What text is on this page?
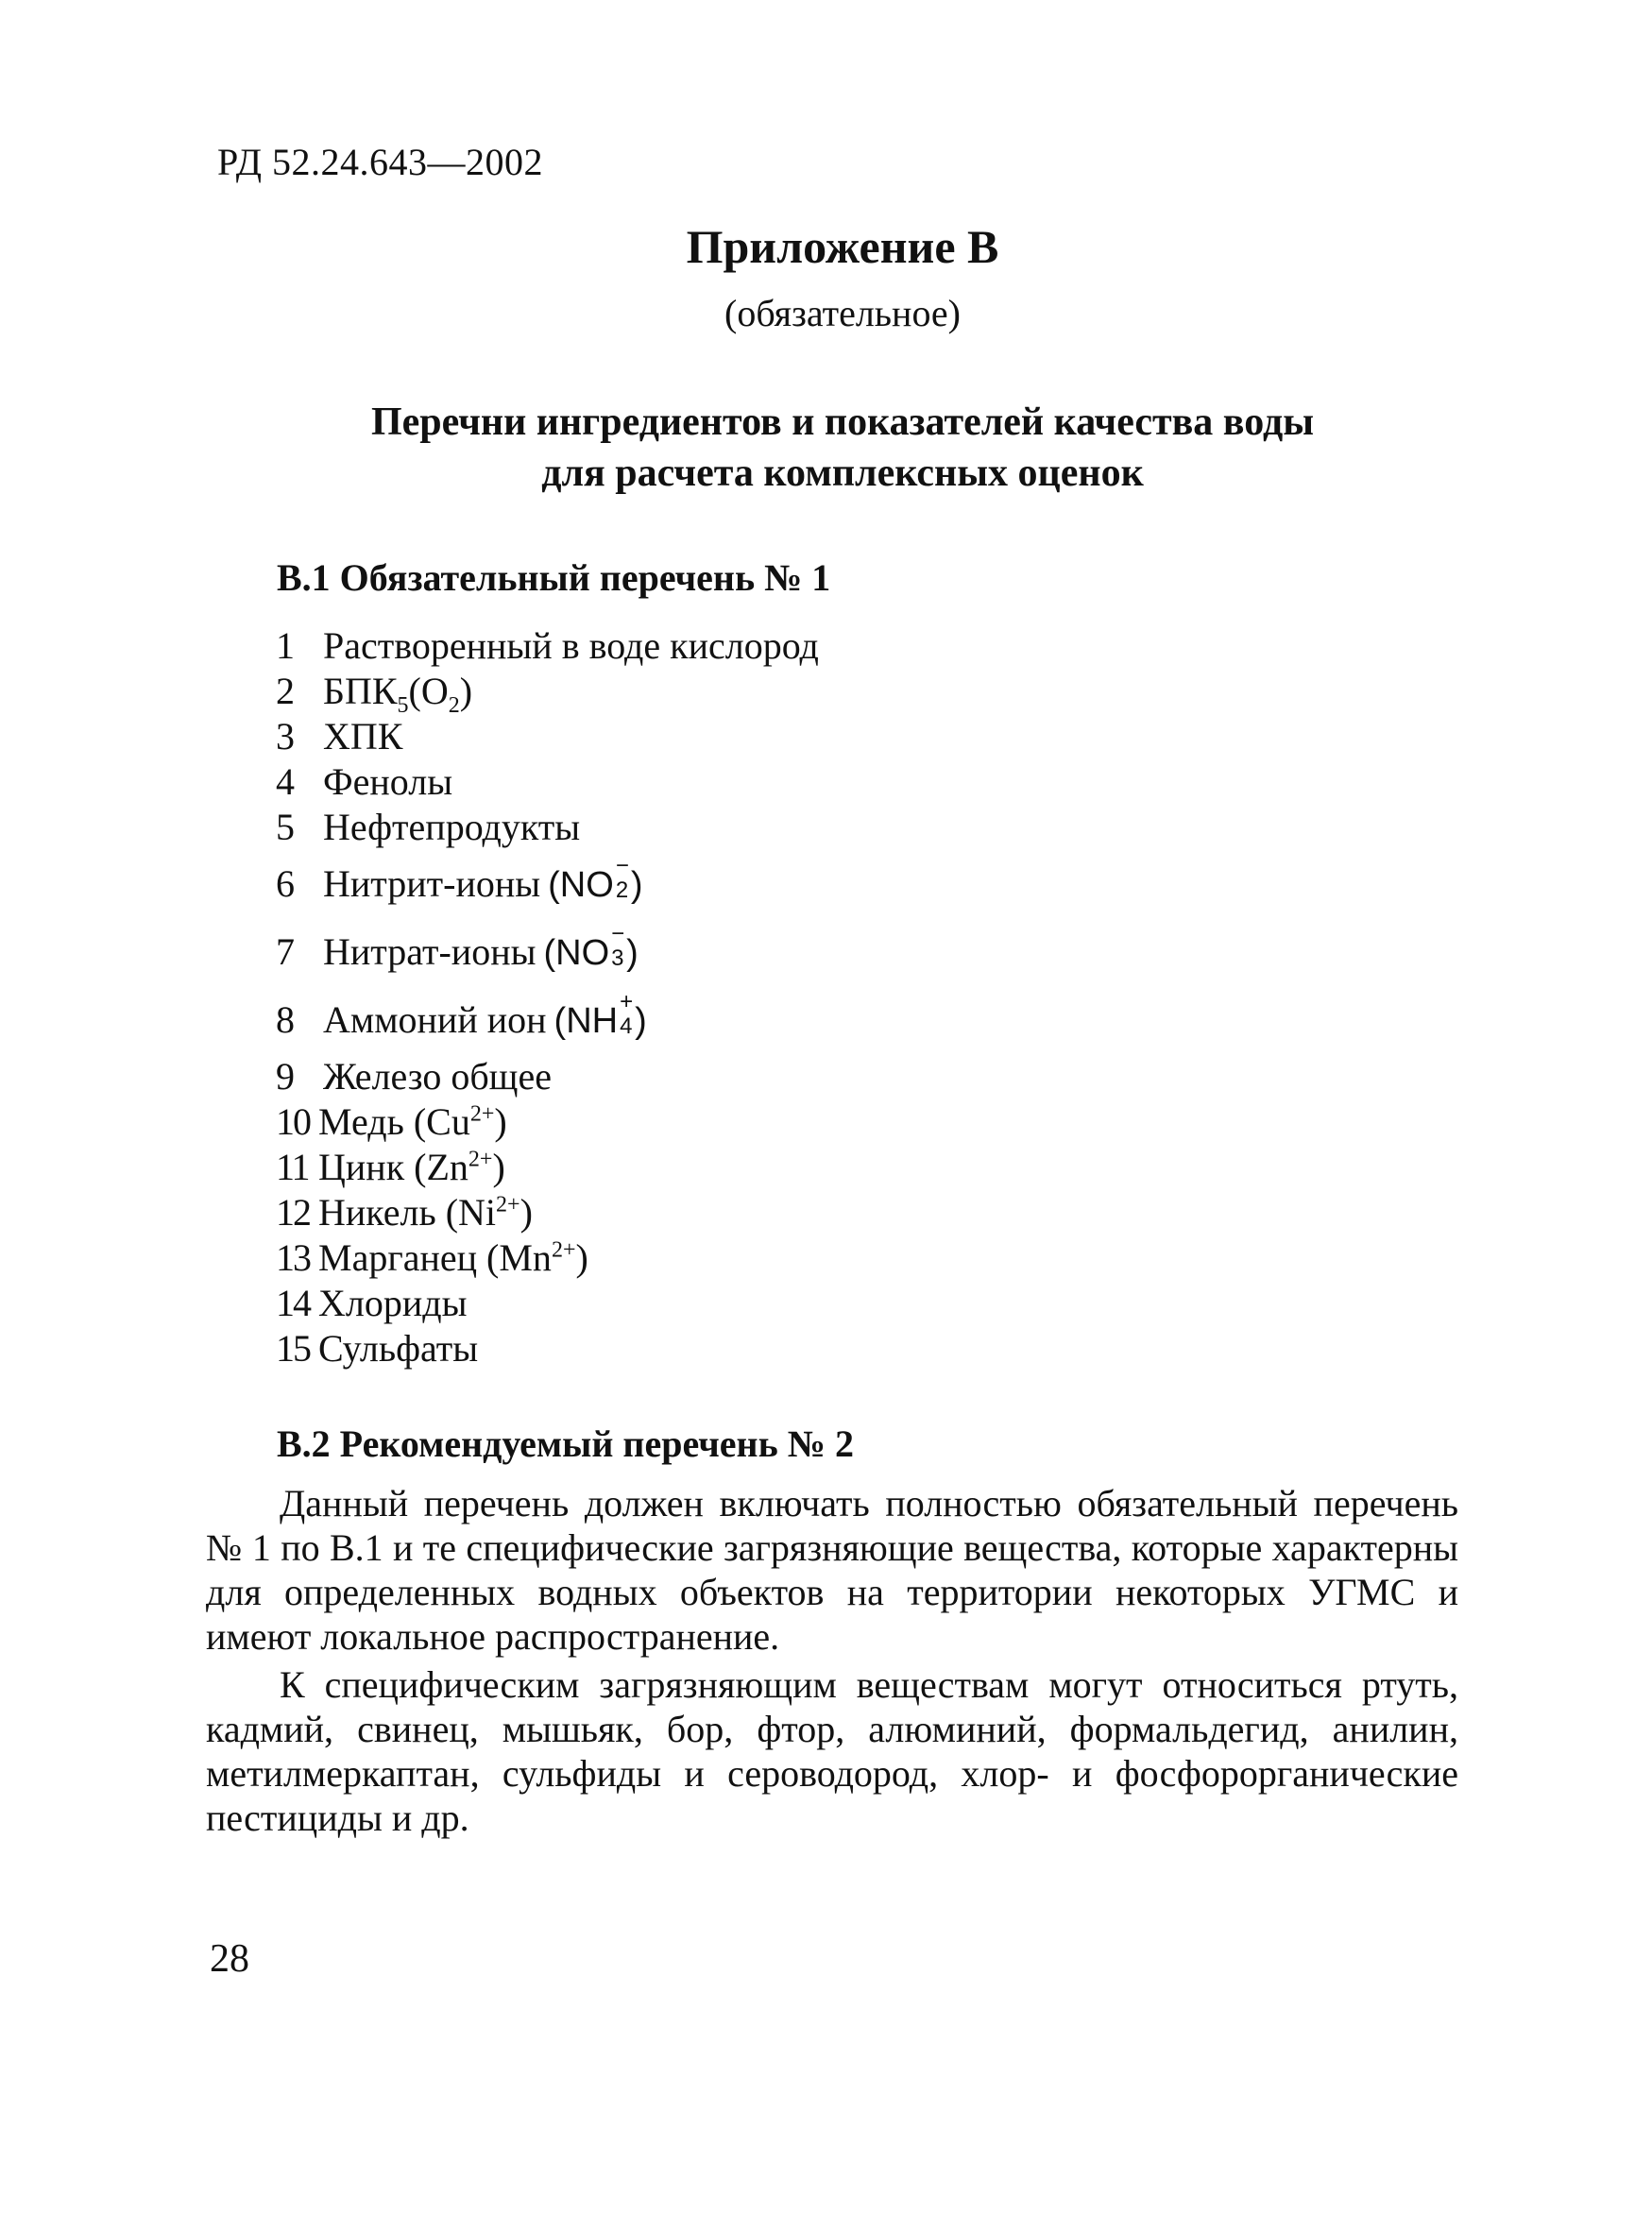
РД 52.24.643—2002
Приложение В
(обязательное)
Перечни ингредиентов и показателей качества воды
для расчета комплексных оценок
В.1 Обязательный перечень № 1
1 Растворенный в воде кислород
2 $БПК_5(О_2)$
3 ХПК
4 Фенолы
5 Нефтепродукты
6 Нитрит-ионы (NO −
2 )
7 Нитрат-ионы (NO −
3 )
8 Аммоний ион (NH +
4 )
9 Железо общее
10 Медь $(Cu^{2+})$
11 Цинк $(Zn^{2+})$
12 Никель $(Ni^{2+})$
13 Марганец $(Mn^{2+})$
14 Хлориды
15 Сульфаты
В.2 Рекомендуемый перечень № 2

Данный перечень должен включать полностью обязательный перечень № 1 по В.1 и те специфические загрязняющие вещества, которые характерны для определенных водных объектов на территории некоторых УГМС и имеют локальное распространение.

К специфическим загрязняющим веществам могут относиться ртуть, кадмий, свинец, мышьяк, бор, фтор, алюминий, формальдегид, анилин, метилмеркаптан, сульфиды и сероводород, хлор- и фосфорорганические пестициды и др.

28
